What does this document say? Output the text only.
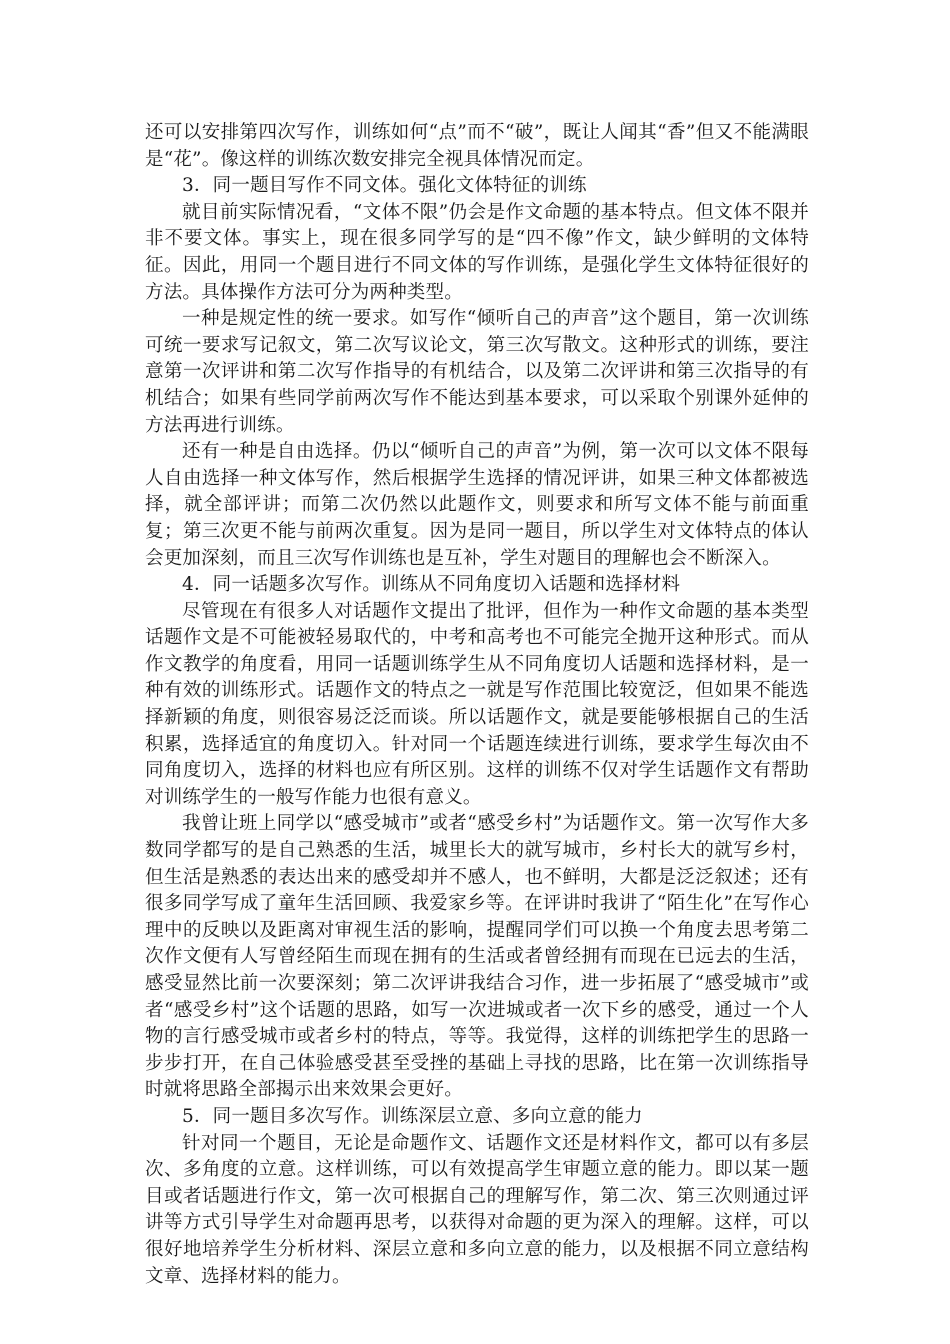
还可以安排第四次写作，训练如何“点”而不“破”，既让人闻其“香”但又不能满眼是“花”。像这样的训练次数安排完全视具体情况而定。

3．同一题目写作不同文体。强化文体特征的训练

就目前实际情况看，“文体不限”仍会是作文命题的基本特点。但文体不限并非不要文体。事实上，现在很多同学写的是“四不像”作文，缺少鲜明的文体特征。因此，用同一个题目进行不同文体的写作训练，是强化学生文体特征很好的方法。具体操作方法可分为两种类型。

一种是规定性的统一要求。如写作“倾听自己的声音”这个题目，第一次训练可统一要求写记叙文，第二次写议论文，第三次写散文。这种形式的训练，要注意第一次评讲和第二次写作指导的有机结合，以及第二次评讲和第三次指导的有机结合；如果有些同学前两次写作不能达到基本要求，可以采取个别课外延伸的方法再进行训练。

还有一种是自由选择。仍以“倾听自己的声音”为例，第一次可以文体不限每人自由选择一种文体写作，然后根据学生选择的情况评讲，如果三种文体都被选择，就全部评讲；而第二次仍然以此题作文，则要求和所写文体不能与前面重复；第三次更不能与前两次重复。因为是同一题目，所以学生对文体特点的体认会更加深刻，而且三次写作训练也是互补，学生对题目的理解也会不断深入。

4．同一话题多次写作。训练从不同角度切入话题和选择材料

尽管现在有很多人对话题作文提出了批评，但作为一种作文命题的基本类型话题作文是不可能被轻易取代的，中考和高考也不可能完全抛开这种形式。而从作文教学的角度看，用同一话题训练学生从不同角度切人话题和选择材料，是一种有效的训练形式。话题作文的特点之一就是写作范围比较宽泛，但如果不能选择新颖的角度，则很容易泛泛而谈。所以话题作文，就是要能够根据自己的生活积累，选择适宜的角度切入。针对同一个话题连续进行训练，要求学生每次由不同角度切入，选择的材料也应有所区别。这样的训练不仅对学生话题作文有帮助对训练学生的一般写作能力也很有意义。

我曾让班上同学以“感受城市”或者“感受乡村”为话题作文。第一次写作大多数同学都写的是自己熟悉的生活，城里长大的就写城市，乡村长大的就写乡村，但生活是熟悉的表达出来的感受却并不感人，也不鲜明，大都是泛泛叙述；还有很多同学写成了童年生活回顾、我爱家乡等。在评讲时我讲了“陌生化”在写作心理中的反映以及距离对审视生活的影响，提醒同学们可以换一个角度去思考第二次作文便有人写曾经陌生而现在拥有的生活或者曾经拥有而现在已远去的生活，感受显然比前一次要深刻；第二次评讲我结合习作，进一步拓展了“感受城市”或者“感受乡村”这个话题的思路，如写一次进城或者一次下乡的感受，通过一个人物的言行感受城市或者乡村的特点，等等。我觉得，这样的训练把学生的思路一步步打开，在自己体验感受甚至受挫的基础上寻找的思路，比在第一次训练指导时就将思路全部揭示出来效果会更好。

5．同一题目多次写作。训练深层立意、多向立意的能力

针对同一个题目，无论是命题作文、话题作文还是材料作文，都可以有多层次、多角度的立意。这样训练，可以有效提高学生审题立意的能力。即以某一题目或者话题进行作文，第一次可根据自己的理解写作，第二次、第三次则通过评讲等方式引导学生对命题再思考，以获得对命题的更为深入的理解。这样，可以很好地培养学生分析材料、深层立意和多向立意的能力，以及根据不同立意结构文章、选择材料的能力。
